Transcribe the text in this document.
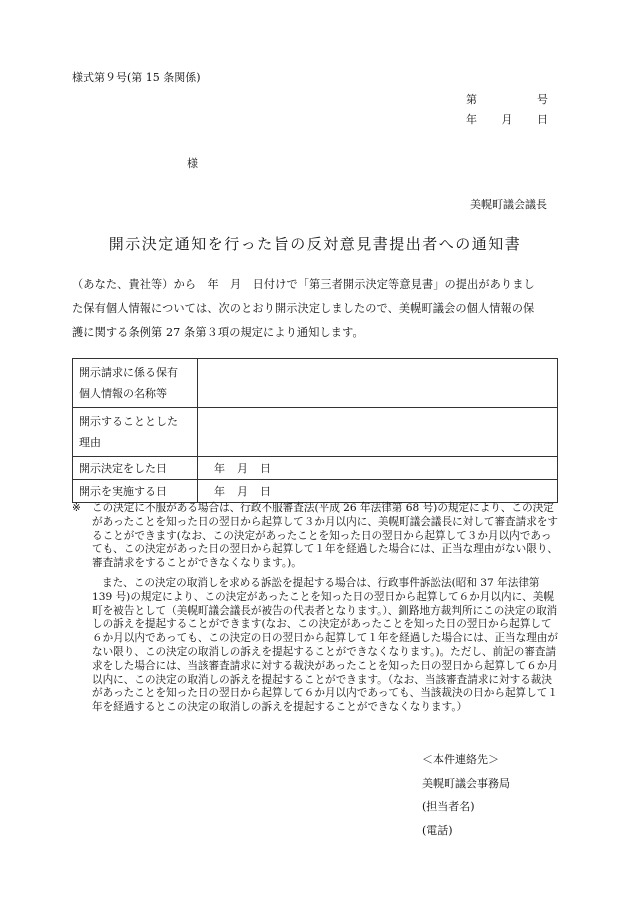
様式第９号(第 15 条関係)
第	号
年 月 日
様
美幌町議会議長
開示決定通知を行った旨の反対意見書提出者への通知書

（あなた、貴社等）から　年　月　日付けで「第三者開示決定等意見書」の提出がありまし

た保有個人情報については、次のとおり開示決定しましたので、美幌町議会の個人情報の保

護に関する条例第 27 条第３項の規定により通知します。

開示請求に係る保有
個人情報の名称等	

開示することとした
理由	

開示決定をした日	年 月 日

開示を実施する日	年 月 日
※	この決定に不服がある場合は、行政不服審査法(平成 26 年法律第 68 号)の規定により、この決定があったことを知った日の翌日から起算して３か月以内に、美幌町議会議長に対して審査請求をすることができます(なお、この決定があったことを知った日の翌日から起算して３か月以内であっても、この決定があった日の翌日から起算して１年を経過した場合には、正当な理由がない限り、審査請求をすることができなくなります。)。
また、この決定の取消しを求める訴訟を提起する場合は、行政事件訴訟法(昭和 37 年法律第 139 号)の規定により、この決定があったことを知った日の翌日から起算して６か月以内に、美幌町を被告として（美幌町議会議長が被告の代表者となります。）、釧路地方裁判所にこの決定の取消しの訴えを提起することができます(なお、この決定があったことを知った日の翌日から起算して６か月以内であっても、この決定の日の翌日から起算して１年を経過した場合には、正当な理由がない限り、この決定の取消しの訴えを提起することができなくなります。)。ただし、前記の審査請求をした場合には、当該審査請求に対する裁決があったことを知った日の翌日から起算して６か月以内に、この決定の取消しの訴えを提起することができます。（なお、当該審査請求に対する裁決があったことを知った日の翌日から起算して６か月以内であっても、当該裁決の日から起算して１年を経過するとこの決定の取消しの訴えを提起することができなくなります。）
＜本件連絡先＞
美幌町議会事務局
(担当者名)
(電話)
